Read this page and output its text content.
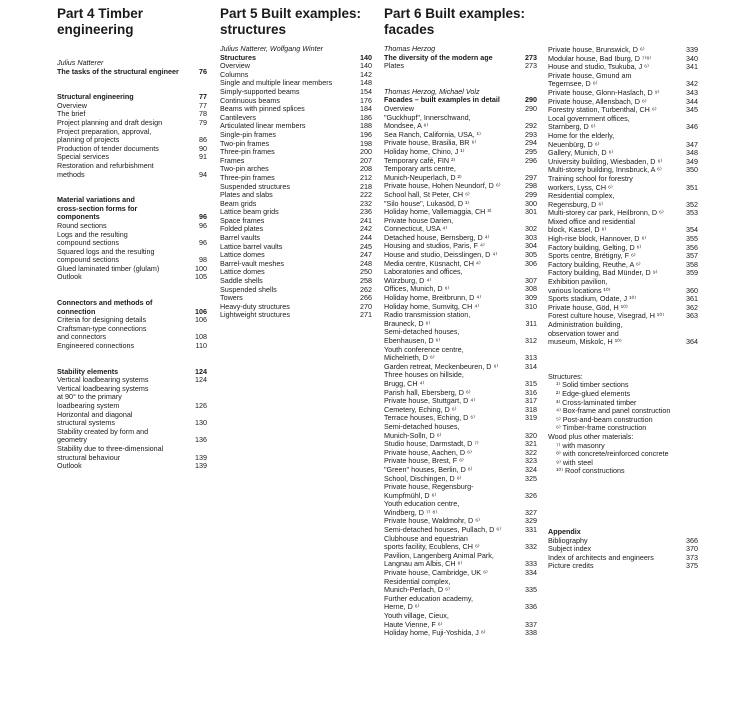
Part 4 Timber engineering
Julius Natterer
The tasks of the structural engineer	76
Structural engineering	77
Overview	77
The brief	78
Project planning and draft design	79
Project preparation, approval,
planning of projects	86
Production of tender documents	90
Special services	91
Restoration and refurbishment
methods	94
Material variations and
cross-section forms for
components	96
Round sections	96
Logs and the resulting
compound sections	96
Squared logs and the resulting
compound sections	98
Glued laminated timber (glulam)	100
Outlook	105
Connectors and methods of
connection	106
Criteria for designing details	106
Craftsman-type connections
and connectors	108
Engineered connections	110
Stability elements	124
Vertical loadbearing systems	124
Vertical loadbearing systems
at 90° to the primary
loadbearing system	126
Horizontal and diagonal
structural systems	130
Stability created by form and
geometry	136
Stability due to three-dimensional
structural behaviour	139
Outlook	139
Part 5 Built examples:
structures
Julius Natterer, Wolfgang Winter
Structures	140
Overview	140
Columns	142
Single and multiple linear members	148
Simply-supported beams	154
Continuous beams	176
Beams with pinned splices	184
Cantilevers	186
Articulated linear members	188
Single-pin frames	196
Two-pin frames	198
Three-pin frames	200
Frames	207
Two-pin arches	208
Three-pin frames	212
Suspended structures	218
Plates and slabs	222
Beam grids	232
Lattice beam grids	236
Space frames	241
Folded plates	242
Barrel vaults	244
Lattice barrel vaults	245
Lattice domes	247
Barrel-vault meshes	248
Lattice domes	250
Saddle shells	258
Suspended shells	262
Towers	266
Heavy-duty structures	270
Lightweight structures	271
Part 6 Built examples:
facades
Thomas Herzog
The diversity of the modern age	273
Plates	273
Thomas Herzog, Michael Volz
Facades – built examples in detail	290
Overview	290
"Guckhupf", Innerschwand,
Mondsee, A ⁶⁾	292
Sea Ranch, California, USA, ¹⁾	293
Private house, Brasilia, BR ⁶⁾	294
Holiday home, Chino, J ¹⁾	295
Temporary café, FIN ²⁾	296
Temporary arts centre,
Munich-Neuperlach, D ²⁾	297
Private house, Hohen Neundorf, D ⁶⁾	298
School hall, St Peter, CH ⁶⁾	299
"Silo house", Lukasöd, D ¹⁾	300
Holiday home, Vallemaggia, CH ³⁾	301
Private house Darien,
Connecticut, USA ⁴⁾	302
Detached house, Bernsberg, D ⁴⁾	303
Housing and studios, Paris, F ⁴⁾	304
House and studio, Deisslingen, D ⁴⁾	305
Media centre, Küsnacht, CH ⁴⁾	306
Laboratories and offices,
Würzburg, D ⁴⁾	307
Offices, Munich, D ⁶⁾	308
Holiday home, Breitbrunn, D ⁴⁾	309
Holiday home, Sumvitg, CH ⁴⁾	310
Radio transmission station,
Brauneck, D ⁶⁾	311
Semi-detached houses,
Ebenhausen, D ⁶⁾	312
Youth conference centre,
Michelrieth, D ⁶⁾	313
Garden retreat, Meckenbeuren, D ⁶⁾	314
Three houses on hillside,
Brugg, CH ⁴⁾	315
Parish hall, Ebersberg, D ⁶⁾	316
Private house, Stuttgart, D ⁴⁾	317
Cemetery, Eching, D ⁶⁾	318
Terrace houses, Eching, D ⁶⁾	319
Semi-detached houses,
Munich-Solln, D ⁶⁾	320
Studio house, Darmstadt, D ⁷⁾	321
Private house, Aachen, D ⁶⁾	322
Private house, Brest, F ⁶⁾	323
"Green" houses, Berlin, D ⁶⁾	324
School, Dischingen, D ⁶⁾	325
Private house, Regensburg-
Kumpfmühl, D ⁶⁾	326
Youth education centre,
Windberg, D ⁷⁾ ⁸⁾	327
Private house, Waldmohr, D ⁶⁾	329
Semi-detached houses, Pullach, D ⁶⁾	331
Clubhouse and equestrian
sports facility, Ecublens, CH ⁶⁾	332
Pavilion, Langenberg Animal Park,
Langnau am Albis, CH ⁶⁾	333
Private house, Cambridge, UK ⁶⁾	334
Residential complex,
Munich-Perlach, D ⁶⁾	335
Further education academy,
Herne, D ⁶⁾	336
Youth village, Cieux,
Haute Vienne, F ⁶⁾	337
Holiday home, Fuji-Yoshida, J ⁶⁾	338
Private house, Brunswick, D ⁶⁾	339
Modular house, Bad Iburg, D ⁷⁾⁸⁾	340
House and studio, Tsukuba, J ⁶⁾	341
Private house, Gmund am
Tegernsee, D ⁶⁾	342
Private house, Glonn-Haslach, D ⁹⁾	343
Private house, Allensbach, D ⁶⁾	344
Forestry station, Turbenthal, CH ⁶⁾	345
Local government offices,
Starnberg, D ⁶⁾	346
Home for the elderly,
Neuenbürg, D ⁶⁾	347
Gallery, Munich, D ⁶⁾	348
University building, Wiesbaden, D ⁶⁾	349
Multi-storey building, Innsbruck, A ⁶⁾	350
Training school for forestry
workers, Lyss, CH ⁶⁾	351
Residential complex,
Regensburg, D ⁶⁾	352
Multi-storey car park, Heilbronn, D ⁶⁾	353
Mixed office and residential
block, Kassel, D ⁶⁾	354
High-rise block, Hannover, D ⁶⁾	355
Factory building, Gelting, D ⁶⁾	356
Sports centre, Brétigny, F ⁶⁾	357
Factory building, Reuthe, A ⁶⁾	358
Factory building, Bad Münder, D ⁹⁾	359
Exhibition pavilion,
various locations ¹⁰⁾	360
Sports stadium, Odate, J ¹⁰⁾	361
Private house, Göd, H ¹⁰⁾	362
Forest culture house, Visegrad, H ¹⁰⁾	363
Administration building,
observation tower and
museum, Miskolc, H ¹⁰⁾	364
Structures:
¹⁾ Solid timber sections
²⁾ Edge-glued elements
³⁾ Cross-laminated timber
⁴⁾ Box-frame and panel construction
⁵⁾ Post-and-beam construction
⁶⁾ Timber-frame construction
Wood plus other materials:
⁷⁾ with masonry
⁸⁾ with concrete/reinforced concrete
⁹⁾ with steel
¹⁰⁾ Roof constructions
Appendix
Bibliography	366
Subject index	370
Index of architects and engineers	373
Picture credits	375
